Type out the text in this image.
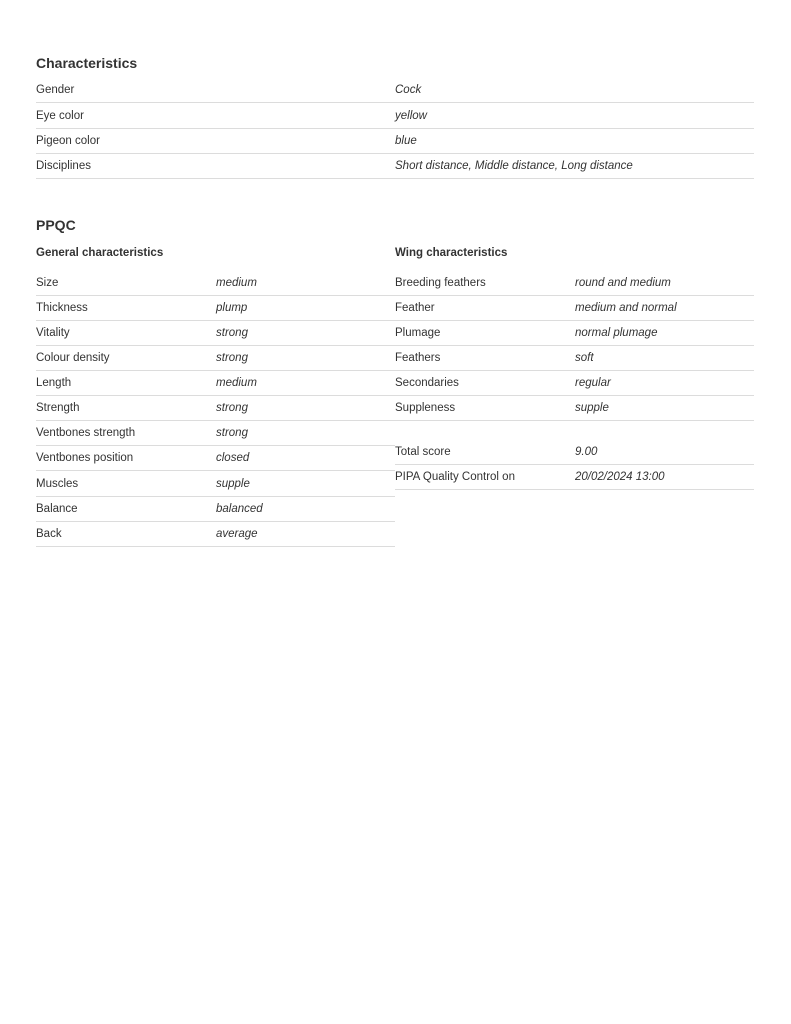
Characteristics
Gender	Cock
Eye color	yellow
Pigeon color	blue
Disciplines	Short distance, Middle distance, Long distance
PPQC
General characteristics	Wing characteristics
Size	medium
Thickness	plump
Vitality	strong
Colour density	strong
Length	medium
Strength	strong
Ventbones strength	strong
Ventbones position	closed
Muscles	supple
Balance	balanced
Back	average
Breeding feathers	round and medium
Feather	medium and normal
Plumage	normal plumage
Feathers	soft
Secondaries	regular
Suppleness	supple
Total score	9.00
PIPA Quality Control on	20/02/2024 13:00
